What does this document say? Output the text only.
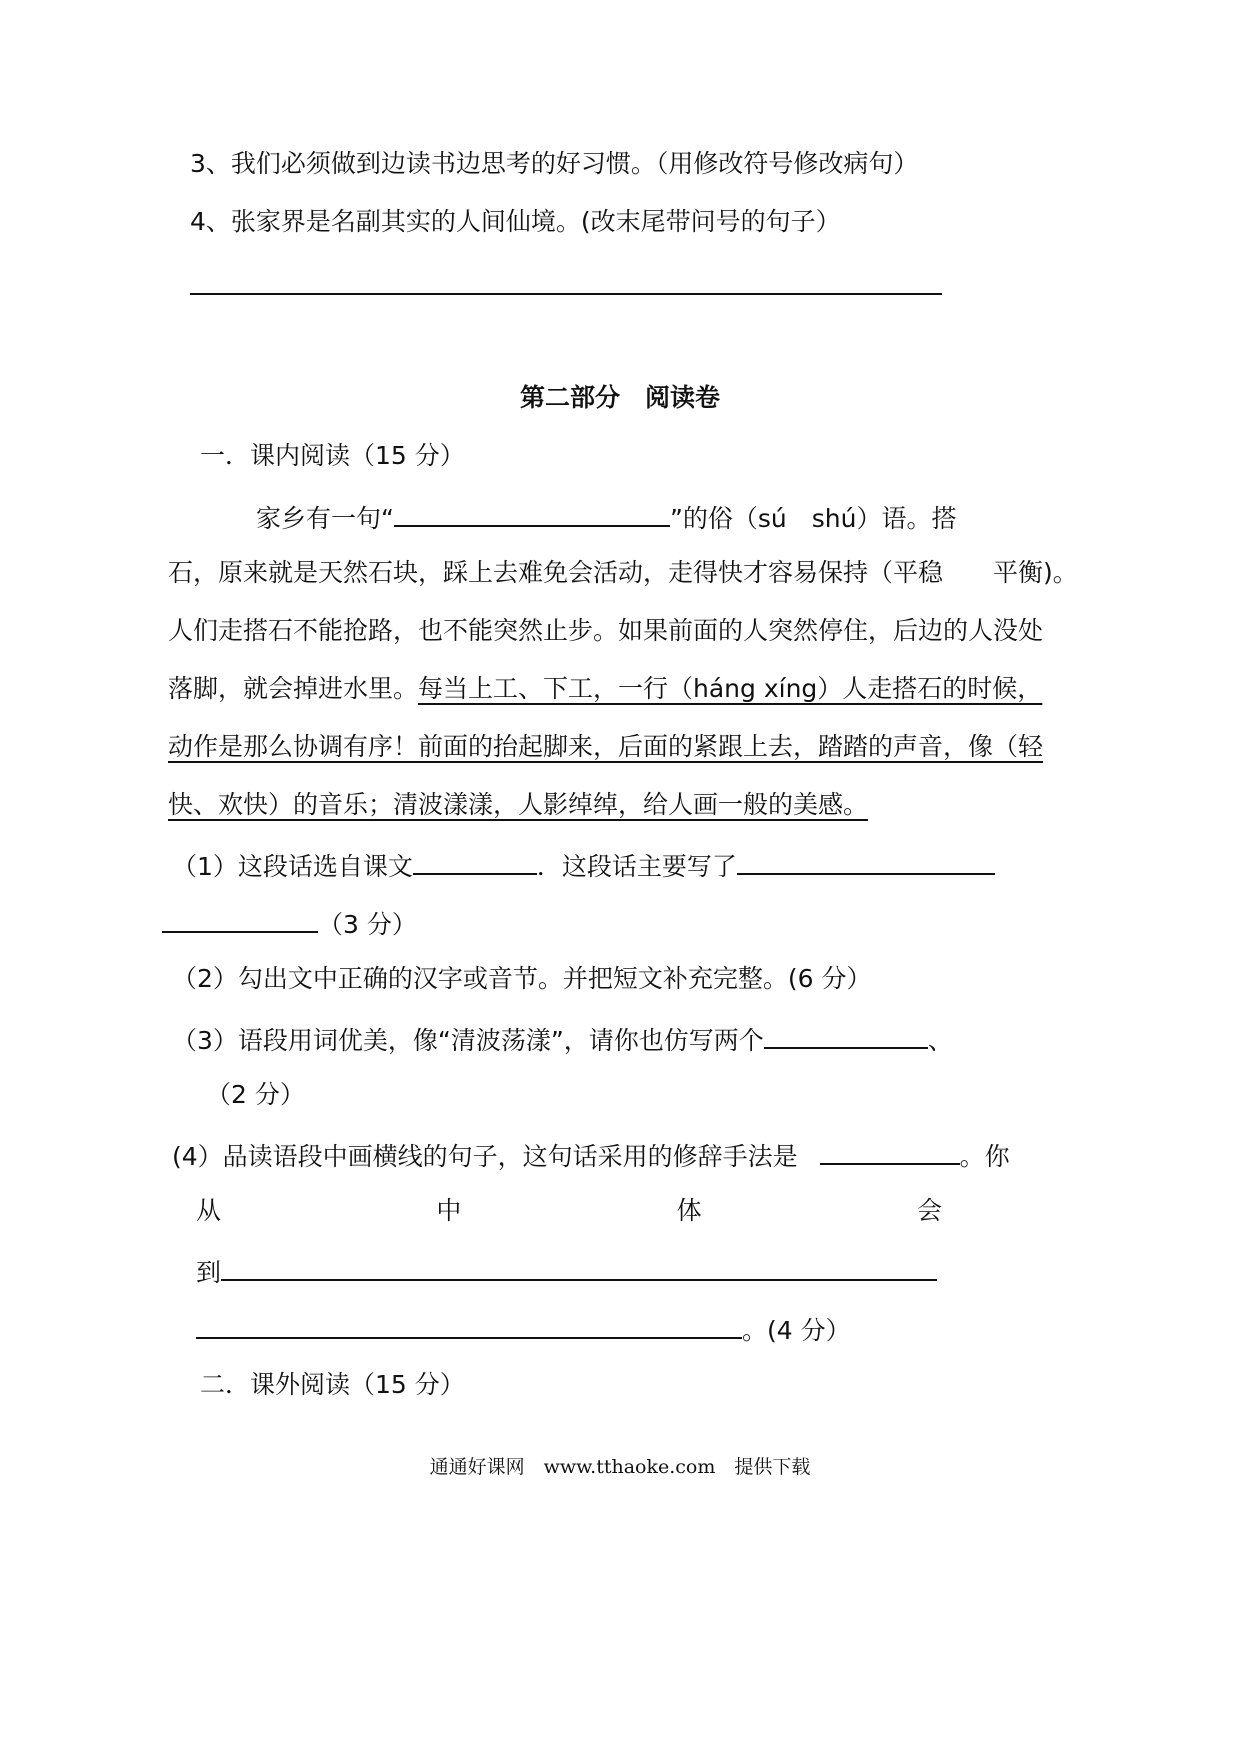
3、我们必须做到边读书边思考的好习惯。（用修改符号修改病句）
4、张家界是名副其实的人间仙境。(改末尾带问号的句子）
第二部分　阅读卷
一．课内阅读（15 分）
家乡有一句“	”的俗（sú　shú）语。搭
石，原来就是天然石块，踩上去难免会活动，走得快才容易保持（平稳　　平衡)。
人们走搭石不能抢路，也不能突然止步。如果前面的人突然停住，后边的人没处
落脚，就会掉进水里。每当上工、下工，一行（háng xíng）人走搭石的时候，
动作是那么协调有序！前面的抬起脚来，后面的紧跟上去，踏踏的声音，像（轻
快、欢快）的音乐；清波漾漾，人影绰绰，给人画一般的美感。
（1）这段话选自课文	．这段话主要写了
（3 分）
（2）勾出文中正确的汉字或音节。并把短文补充完整。(6 分）
（3）语段用词优美，像“清波荡漾”，请你也仿写两个	、
（2 分）
(4）品读语段中画横线的句子，这句话采用的修辞手法是	。你
从	中	体	会
到
。(4 分）
二．课外阅读（15 分）
通通好课网　www.tthaoke.com　提供下载
